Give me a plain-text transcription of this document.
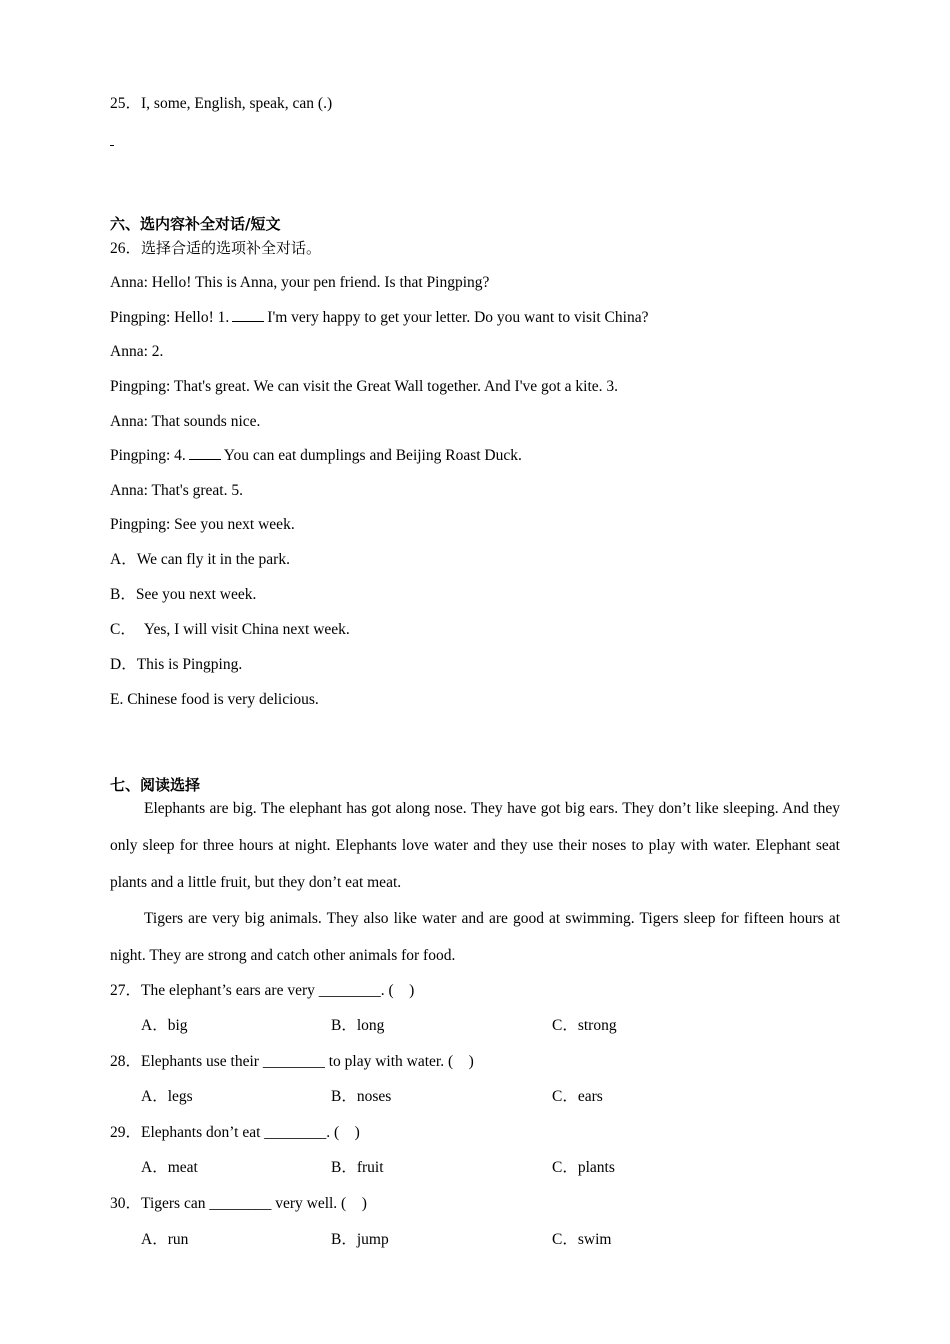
25．I, some, English, speak, can (.)
六、选内容补全对话/短文
26．选择合适的选项补全对话。
Anna: Hello! This is Anna, your pen friend. Is that Pingping?
Pingping: Hello! 1. I'm very happy to get your letter. Do you want to visit China?
Anna: 2.
Pingping: That's great. We can visit the Great Wall together. And I've got a kite. 3.
Anna: That sounds nice.
Pingping: 4. You can eat dumplings and Beijing Roast Duck.
Anna: That's great. 5.
Pingping: See you next week.
A．We can fly it in the park.
B．See you next week.
C． Yes, I will visit China next week.
D．This is Pingping.
E. Chinese food is very delicious.
七、阅读选择
Elephants are big. The elephant has got along nose. They have got big ears. They don’t like sleeping. And they only sleep for three hours at night. Elephants love water and they use their noses to play with water. Elephant seat plants and a little fruit, but they don’t eat meat.
Tigers are very big animals. They also like water and are good at swimming. Tigers sleep for fifteen hours at night. They are strong and catch other animals for food.
27．The elephant’s ears are very ________. (　)
A．big	B．long	C．strong
28．Elephants use their ________ to play with water. (　)
A．legs	B．noses	C．ears
29．Elephants don’t eat ________. (　)
A．meat	B．fruit	C．plants
30．Tigers can ________ very well. (　)
A．run	B．jump	C．swim
